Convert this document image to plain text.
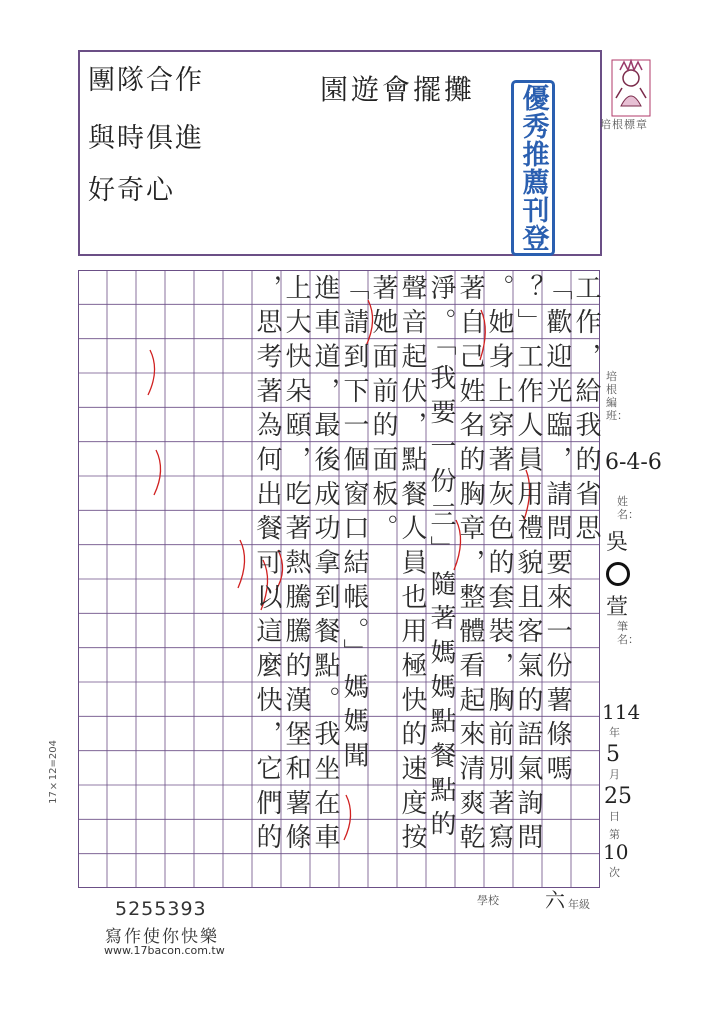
團隊合作
與時俱進
好奇心
園遊會擺攤 優秀推薦刊登	培根標章
工作，給我的省思
「歡迎光臨，請問要來一份薯條嗎
？」工作人員用禮貌且客氣的語氣詢問
。她身上穿著灰色的套裝，胸前別著寫
著自己姓名的胸章，整體看起來清爽乾
淨。「我要一份三」隨著媽媽點餐點的
聲音起伏，點餐人員也用極快的速度按
著她面前的面板。
「請到下一個窗口結帳。」媽媽聞
進車道，最後成功拿到餐點。我坐在車
上大快朵頤，吃著熱騰騰的漢堡和薯條
，思考著為何出餐可以這麼快，它們的	培根編班：
6-4-6
姓名：
吳
萱
筆名：
114
年
5
月
25
日
第
10
次
17×12=204
5255393
寫作使你快樂
www.17bacon.com.tw
學校 六 年級
